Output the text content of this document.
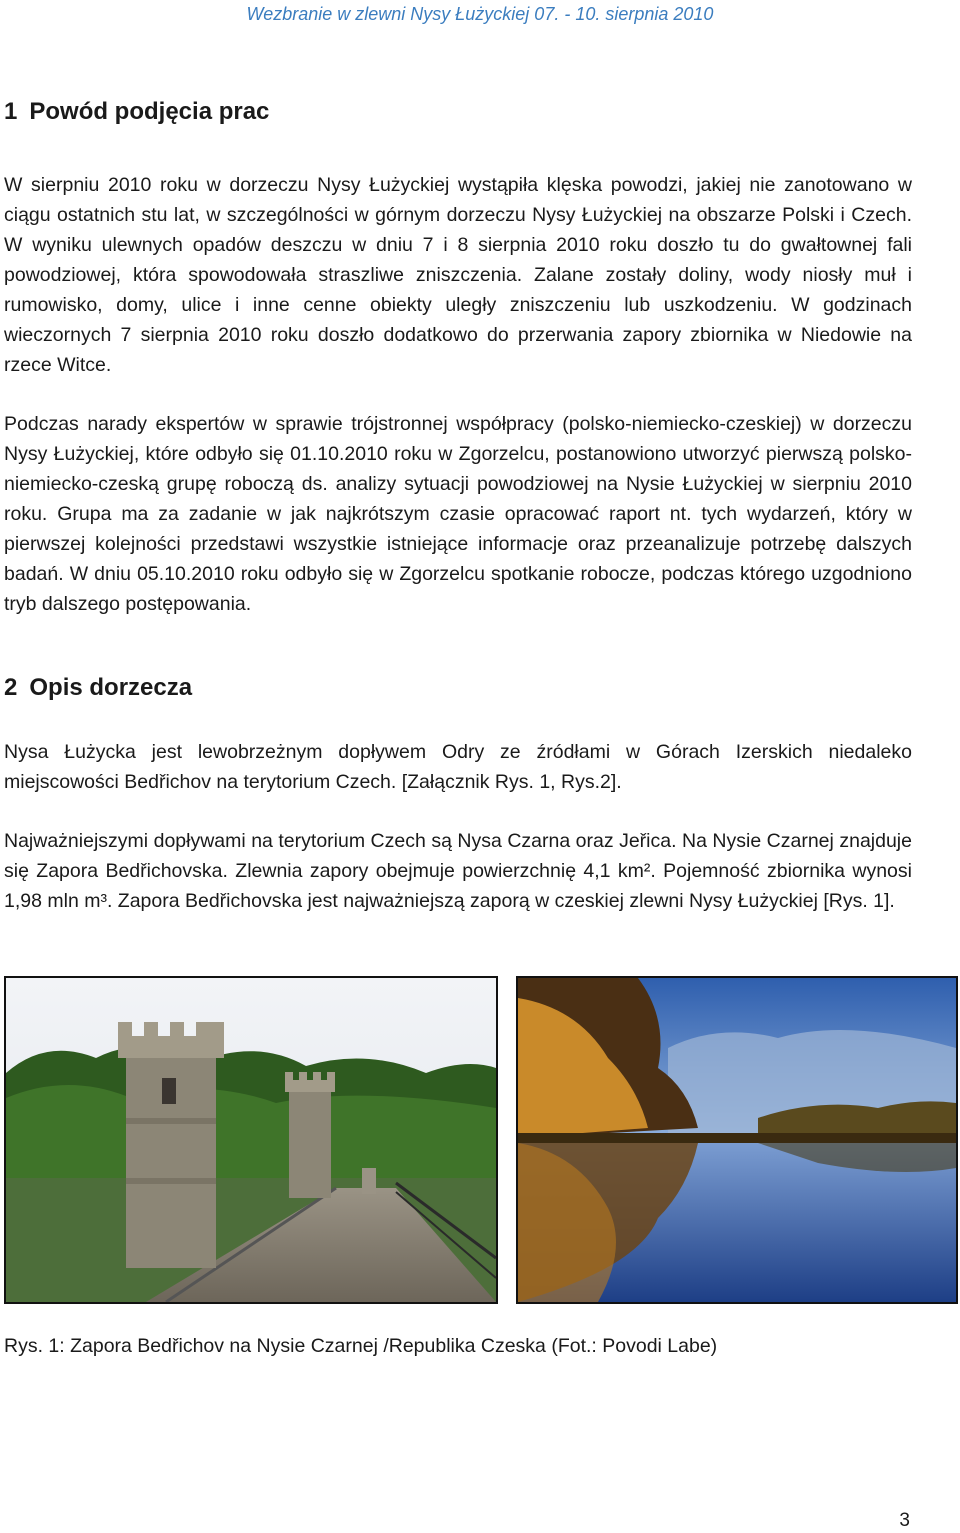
Wezbranie w zlewni Nysy Łużyckiej 07. - 10. sierpnia 2010
1 Powód podjęcia prac

W sierpniu 2010 roku w dorzeczu Nysy Łużyckiej wystąpiła klęska powodzi, jakiej nie zanotowano w ciągu ostatnich stu lat, w szczególności w górnym dorzeczu Nysy Łużyckiej na obszarze Polski i Czech. W wyniku ulewnych opadów deszczu w dniu 7 i 8 sierpnia 2010 roku doszło tu do gwałtownej fali powodziowej, która spowodowała straszliwe zniszczenia. Zalane zostały doliny, wody niosły muł i rumowisko, domy, ulice i inne cenne obiekty uległy zniszczeniu lub uszkodzeniu. W godzinach wieczornych 7 sierpnia 2010 roku doszło dodatkowo do przerwania zapory zbiornika w Niedowie na rzece Witce.

Podczas narady ekspertów w sprawie trójstronnej współpracy (polsko-niemiecko-czeskiej) w dorzeczu Nysy Łużyckiej, które odbyło się 01.10.2010 roku w Zgorzelcu, postanowiono utworzyć pierwszą polsko-niemiecko-czeską grupę roboczą ds. analizy sytuacji powodziowej na Nysie Łużyckiej w sierpniu 2010 roku. Grupa ma za zadanie w jak najkrótszym czasie opracować raport nt. tych wydarzeń, który w pierwszej kolejności przedstawi wszystkie istniejące informacje oraz przeanalizuje potrzebę dalszych badań. W dniu 05.10.2010 roku odbyło się w Zgorzelcu spotkanie robocze, podczas którego uzgodniono tryb dalszego postępowania.

2 Opis dorzecza

Nysa Łużycka jest lewobrzeżnym dopływem Odry ze źródłami w Górach Izerskich niedaleko miejscowości Bedřichov na terytorium Czech. [Załącznik Rys. 1, Rys.2].

Najważniejszymi dopływami na terytorium Czech są Nysa Czarna oraz Jeřica. Na Nysie Czarnej znajduje się Zapora Bedřichovska. Zlewnia zapory obejmuje powierzchnię 4,1 km². Pojemność zbiornika wynosi 1,98 mln m³. Zapora Bedřichovska jest najważniejszą zaporą w czeskiej zlewni Nysy Łużyckiej [Rys. 1].

Rys. 1: Zapora Bedřichov na Nysie Czarnej /Republika Czeska (Fot.: Povodi Labe)
3
